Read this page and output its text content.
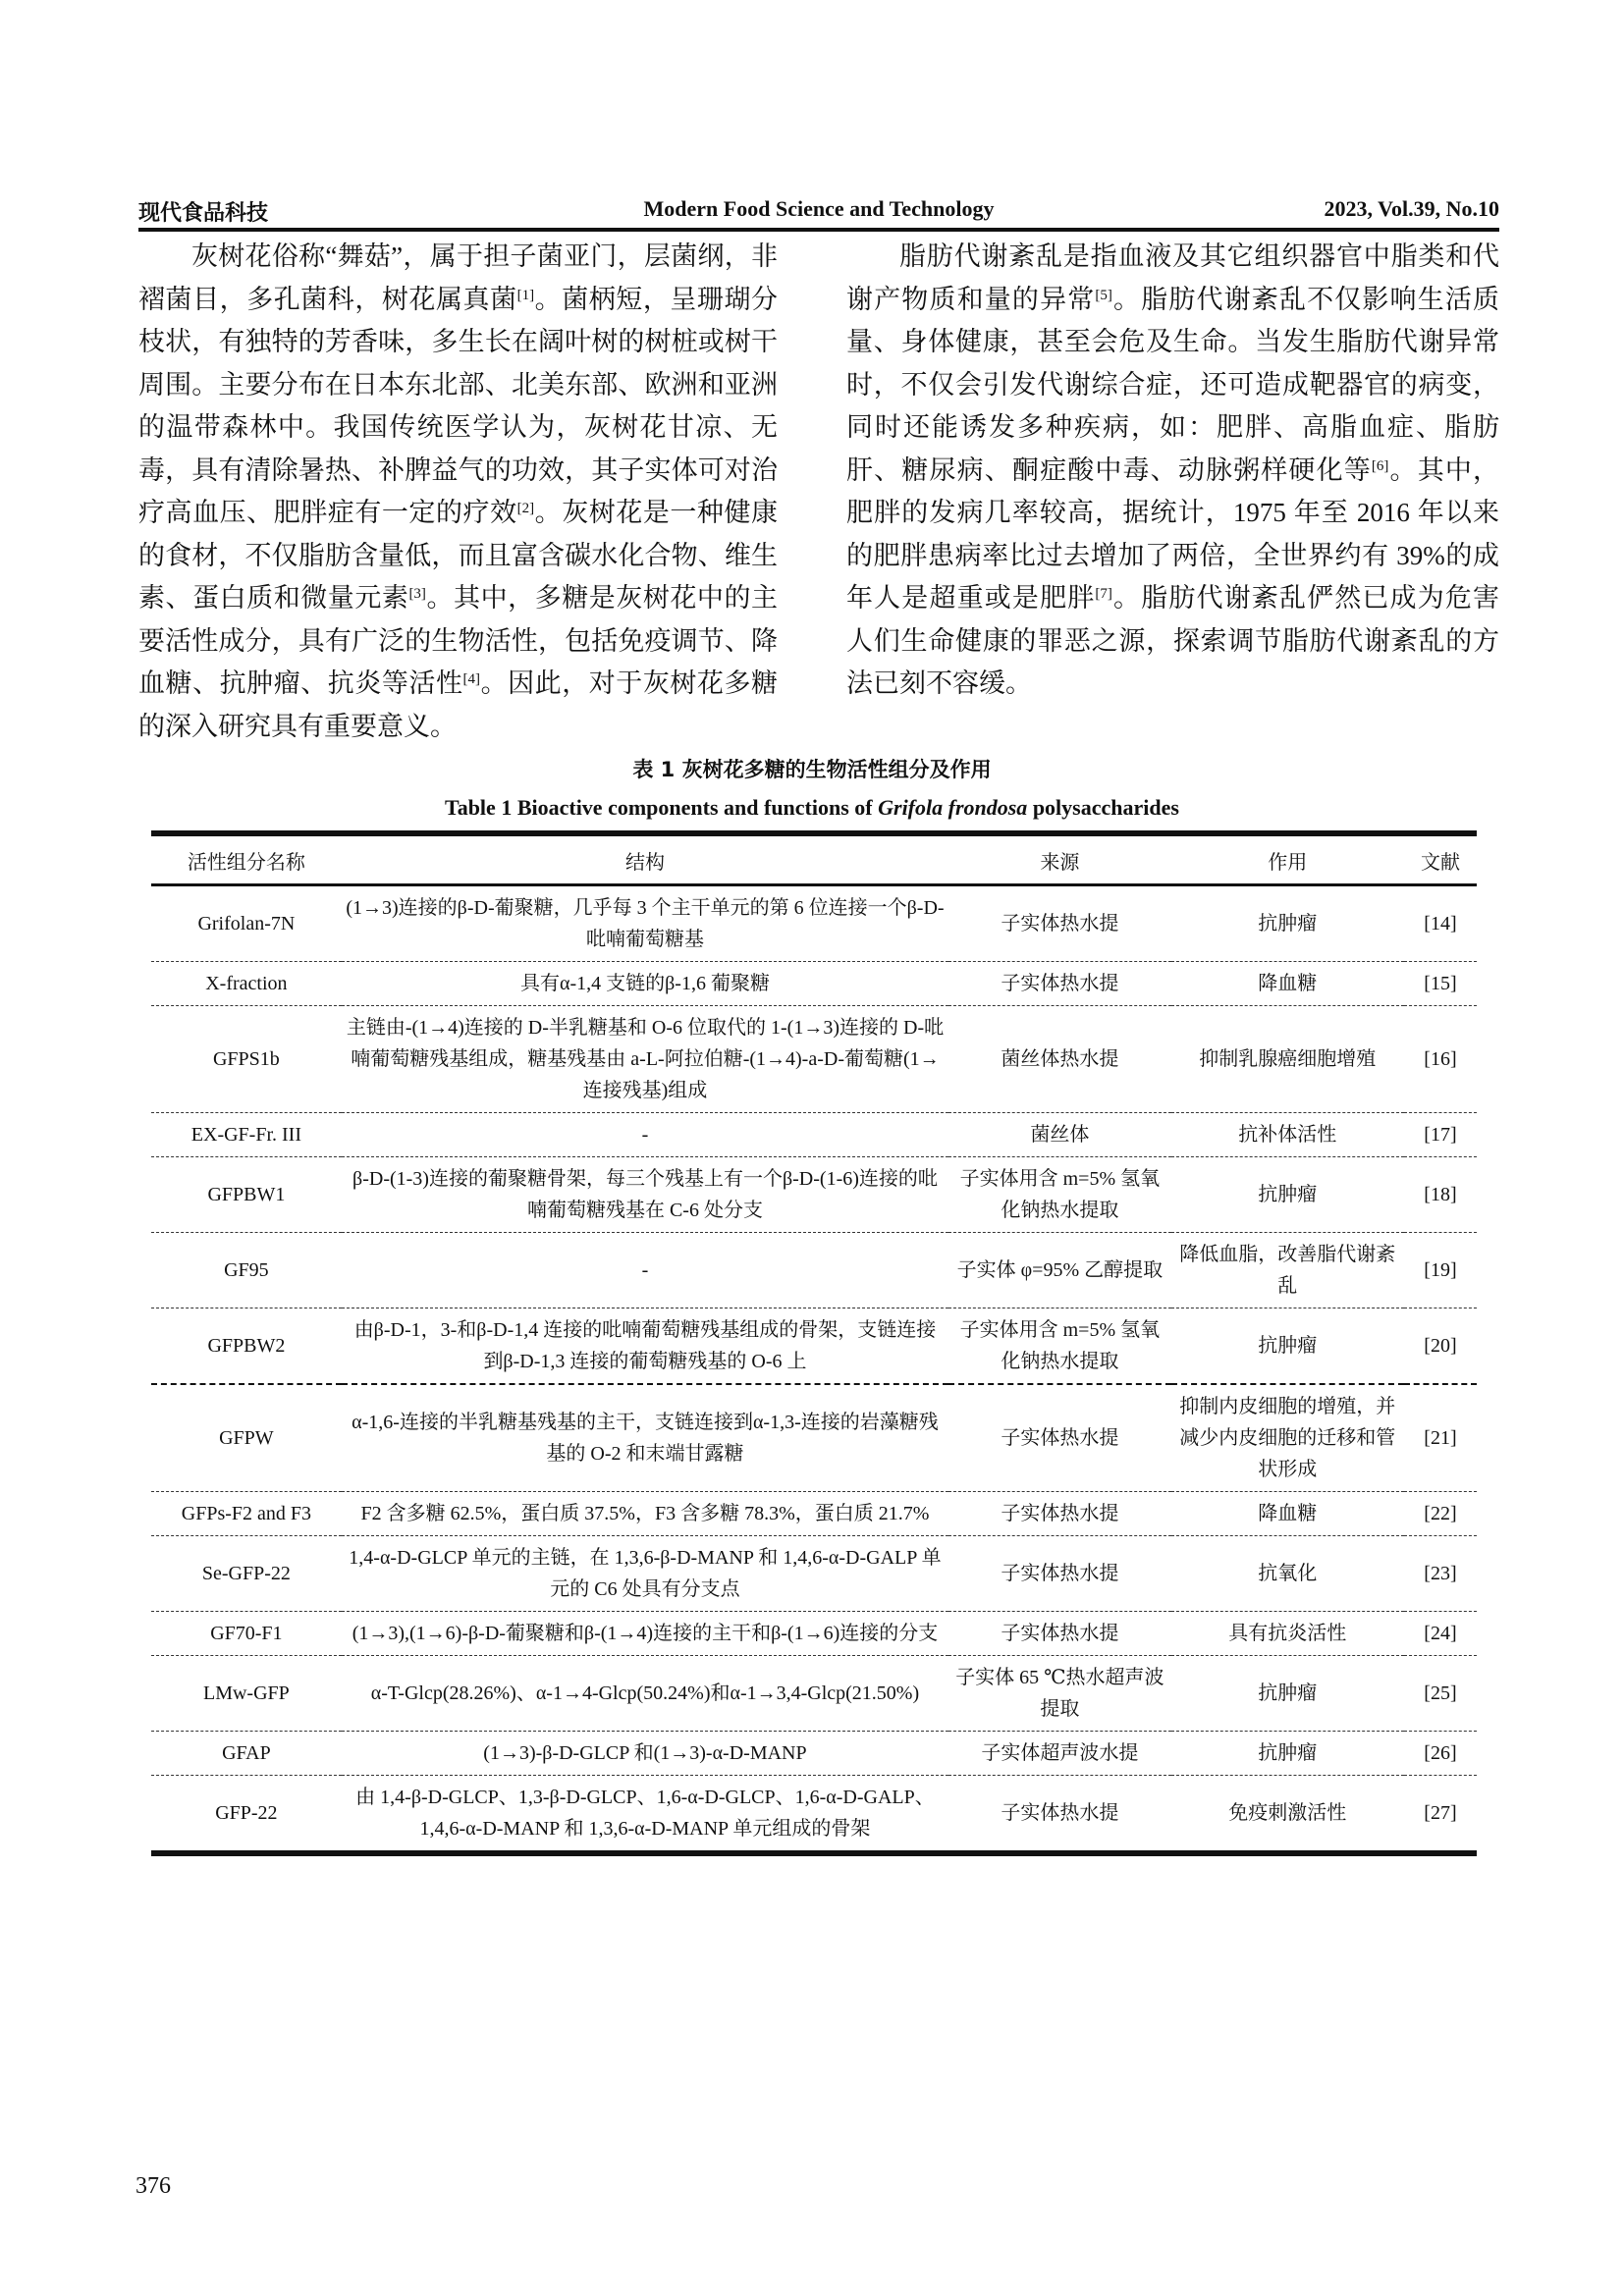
现代食品科技	Modern Food Science and Technology	2023, Vol.39, No.10

灰树花俗称“舞菇”，属于担子菌亚门，层菌纲，非褶菌目，多孔菌科，树花属真菌[1]。菌柄短，呈珊瑚分枝状，有独特的芳香味，多生长在阔叶树的树桩或树干周围。主要分布在日本东北部、北美东部、欧洲和亚洲的温带森林中。我国传统医学认为，灰树花甘凉、无毒，具有清除暑热、补脾益气的功效，其子实体可对治疗高血压、肥胖症有一定的疗效[2]。灰树花是一种健康的食材，不仅脂肪含量低，而且富含碳水化合物、维生素、蛋白质和微量元素[3]。其中，多糖是灰树花中的主要活性成分，具有广泛的生物活性，包括免疫调节、降血糖、抗肿瘤、抗炎等活性[4]。因此，对于灰树花多糖的深入研究具有重要意义。

脂肪代谢紊乱是指血液及其它组织器官中脂类和代谢产物质和量的异常[5]。脂肪代谢紊乱不仅影响生活质量、身体健康，甚至会危及生命。当发生脂肪代谢异常时，不仅会引发代谢综合症，还可造成靶器官的病变，同时还能诱发多种疾病，如：肥胖、高脂血症、脂肪肝、糖尿病、酮症酸中毒、动脉粥样硬化等[6]。其中，肥胖的发病几率较高，据统计，1975 年至 2016 年以来的肥胖患病率比过去增加了两倍，全世界约有 39%的成年人是超重或是肥胖[7]。脂肪代谢紊乱俨然已成为危害人们生命健康的罪恶之源，探索调节脂肪代谢紊乱的方法已刻不容缓。

表 1 灰树花多糖的生物活性组分及作用
Table 1 Bioactive components and functions of Grifola frondosa polysaccharides
活性组分名称	结构	来源	作用	文献
Grifolan-7N	(1→3)连接的β-D-葡聚糖，几乎每 3 个主干单元的第 6 位连接一个β-D-吡喃葡萄糖基	子实体热水提	抗肿瘤	[14]
X-fraction	具有α-1,4 支链的β-1,6 葡聚糖	子实体热水提	降血糖	[15]
GFPS1b	主链由-(1→4)连接的 D-半乳糖基和 O-6 位取代的 1-(1→3)连接的 D-吡喃葡萄糖残基组成，糖基残基由 a-L-阿拉伯糖-(1→4)-a-D-葡萄糖(1→连接残基)组成	菌丝体热水提	抑制乳腺癌细胞增殖	[16]
EX-GF-Fr. III	-	菌丝体	抗补体活性	[17]
GFPBW1	β-D-(1-3)连接的葡聚糖骨架，每三个残基上有一个β-D-(1-6)连接的吡喃葡萄糖残基在 C-6 处分支	子实体用含 m=5% 氢氧化钠热水提取	抗肿瘤	[18]
GF95	-	子实体 φ=95% 乙醇提取	降低血脂，改善脂代谢紊乱	[19]
GFPBW2	由β-D-1，3-和β-D-1,4 连接的吡喃葡萄糖残基组成的骨架，支链连接到β-D-1,3 连接的葡萄糖残基的 O-6 上	子实体用含 m=5% 氢氧化钠热水提取	抗肿瘤	[20]
GFPW	α-1,6-连接的半乳糖基残基的主干，支链连接到α-1,3-连接的岩藻糖残基的 O-2 和末端甘露糖	子实体热水提	抑制内皮细胞的增殖，并减少内皮细胞的迁移和管状形成	[21]
GFPs-F2 and F3	F2 含多糖 62.5%，蛋白质 37.5%，F3 含多糖 78.3%，蛋白质 21.7%	子实体热水提	降血糖	[22]
Se-GFP-22	1,4-α-D-GLCP 单元的主链，在 1,3,6-β-D-MANP 和 1,4,6-α-D-GALP 单元的 C6 处具有分支点	子实体热水提	抗氧化	[23]
GF70-F1	(1→3),(1→6)-β-D-葡聚糖和β-(1→4)连接的主干和β-(1→6)连接的分支	子实体热水提	具有抗炎活性	[24]
LMw-GFP	α-T-Glcp(28.26%)、α-1→4-Glcp(50.24%)和α-1→3,4-Glcp(21.50%)	子实体 65 ℃热水超声波提取	抗肿瘤	[25]
GFAP	(1→3)-β-D-GLCP 和(1→3)-α-D-MANP	子实体超声波水提	抗肿瘤	[26]
GFP-22	由 1,4-β-D-GLCP、1,3-β-D-GLCP、1,6-α-D-GLCP、1,6-α-D-GALP、1,4,6-α-D-MANP 和 1,3,6-α-D-MANP 单元组成的骨架	子实体热水提	免疫刺激活性	[27]
376
